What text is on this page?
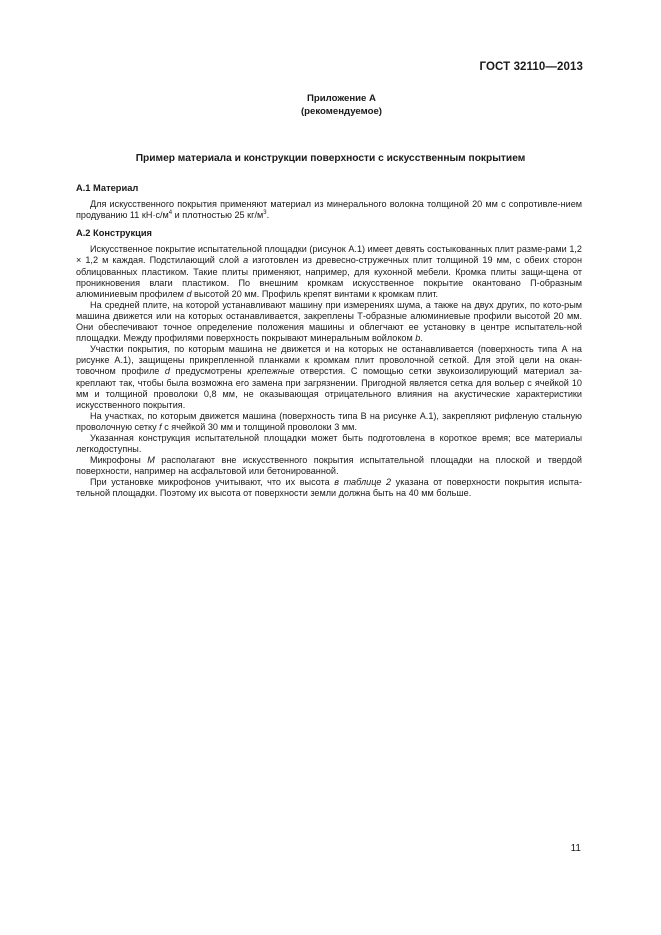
ГОСТ 32110—2013
Приложение А
(рекомендуемое)
Пример материала и конструкции поверхности с искусственным покрытием
А.1 Материал

Для искусственного покрытия применяют материал из минерального волокна толщиной 20 мм с сопротивле-нием продуванию 11 $кН\cdot с/м^4$ и плотностью 25 $кг/м^3$.

А.2 Конструкция

Искусственное покрытие испытательной площадки (рисунок А.1) имеет девять состыкованных плит разме-рами 1,2 × 1,2 м каждая. Подстилающий слой а изготовлен из древесно-стружечных плит толщиной 19 мм, с обеих сторон облицованных пластиком. Такие плиты применяют, например, для кухонной мебели. Кромка плиты защи-щена от проникновения влаги пластиком. По внешним кромкам искусственное покрытие окантовано П-образным алюминиевым профилем d высотой 20 мм. Профиль крепят винтами к кромкам плит.

На средней плите, на которой устанавливают машину при измерениях шума, а также на двух других, по кото-рым машина движется или на которых останавливается, закреплены Т-образные алюминиевые профили высотой 20 мм. Они обеспечивают точное определение положения машины и облегчают ее установку в центре испытатель-ной площадки. Между профилями поверхность покрывают минеральным войлоком b.

Участки покрытия, по которым машина не движется и на которых не останавливается (поверхность типа А на рисунке А.1), защищены прикрепленной планками к кромкам плит проволочной сеткой. Для этой цели на окан-товочном профиле d предусмотрены крепежные отверстия. С помощью сетки звукоизолирующий материал за-креплают так, чтобы была возможна его замена при загрязнении. Пригодной является сетка для вольер с ячейкой 10 мм и толщиной проволоки 0,8 мм, не оказывающая отрицательного влияния на акустические характеристики искусственного покрытия.

На участках, по которым движется машина (поверхность типа В на рисунке А.1), закрепляют рифленую стальную проволочную сетку f с ячейкой 30 мм и толщиной проволоки 3 мм.

Указанная конструкция испытательной площадки может быть подготовлена в короткое время; все материалы легкодоступны.

Микрофоны М располагают вне искусственного покрытия испытательной площадки на плоской и твердой поверхности, например на асфальтовой или бетонированной.

При установке микрофонов учитывают, что их высота в таблице 2 указана от поверхности покрытия испыта-тельной площадки. Поэтому их высота от поверхности земли должна быть на 40 мм больше.

11
